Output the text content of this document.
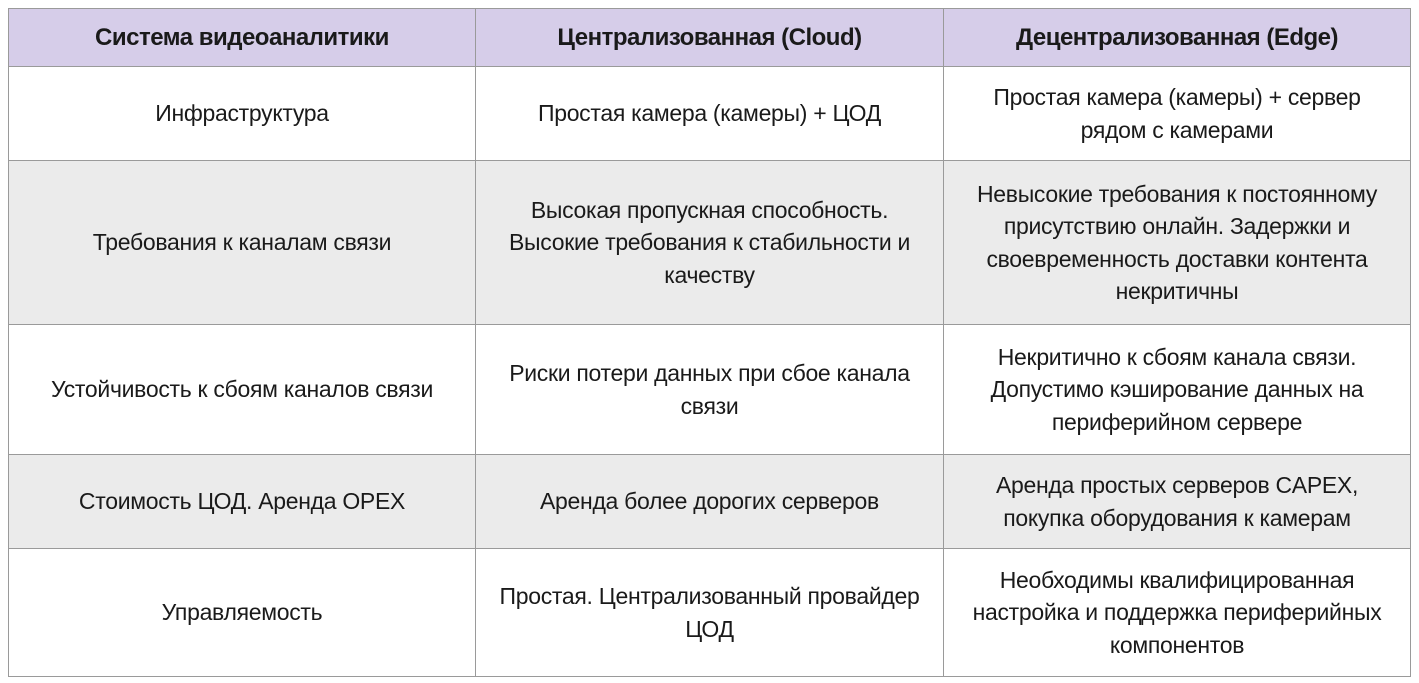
Система видеоаналитики	Централизованная (Cloud)	Децентрализованная (Edge)
Инфраструктура	Простая камера (камеры) + ЦОД	Простая камера (камеры) + сервер рядом с камерами
Требования к каналам связи	Высокая пропускная способность. Высокие требования к стабильности и качеству	Невысокие требования к постоянному присутствию онлайн. Задержки и своевременность доставки контента некритичны
Устойчивость к сбоям каналов связи	Риски потери данных при сбое канала связи	Некритично к сбоям канала связи. Допустимо кэширование данных на периферийном сервере
Стоимость ЦОД. Аренда OPEX	Аренда более дорогих серверов	Аренда простых серверов CAPEX, покупка оборудования к камерам
Управляемость	Простая. Централизованный провайдер ЦОД	Необходимы квалифицированная настройка и поддержка периферийных компонентов
